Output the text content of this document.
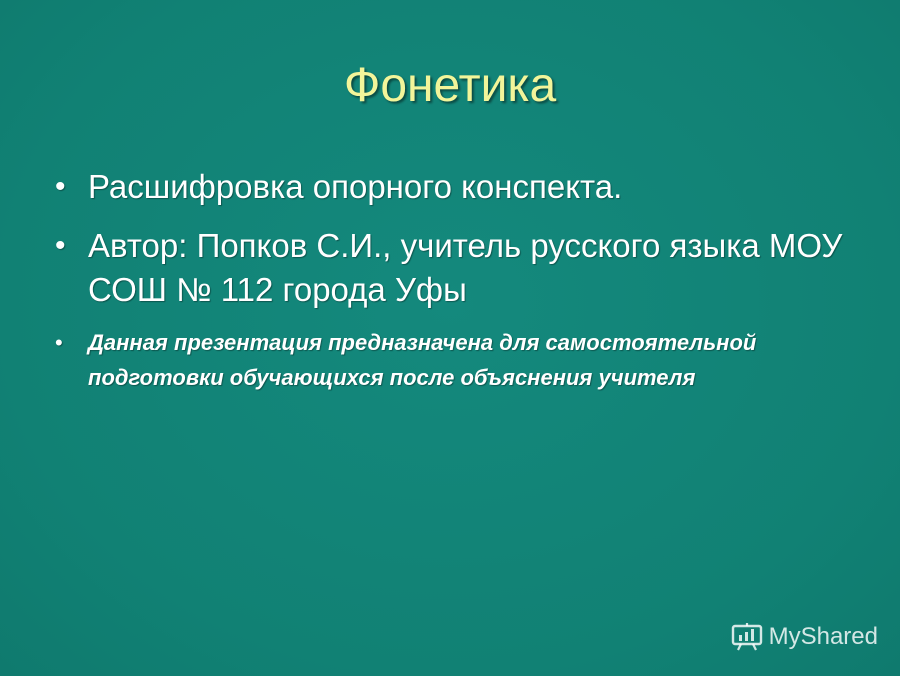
Фонетика
• Расшифровка опорного конспекта.
• Автор: Попков С.И., учитель русского языка МОУ СОШ № 112 города Уфы
• Данная презентация предназначена для самостоятельной подготовки обучающихся после объяснения учителя
MyShared
